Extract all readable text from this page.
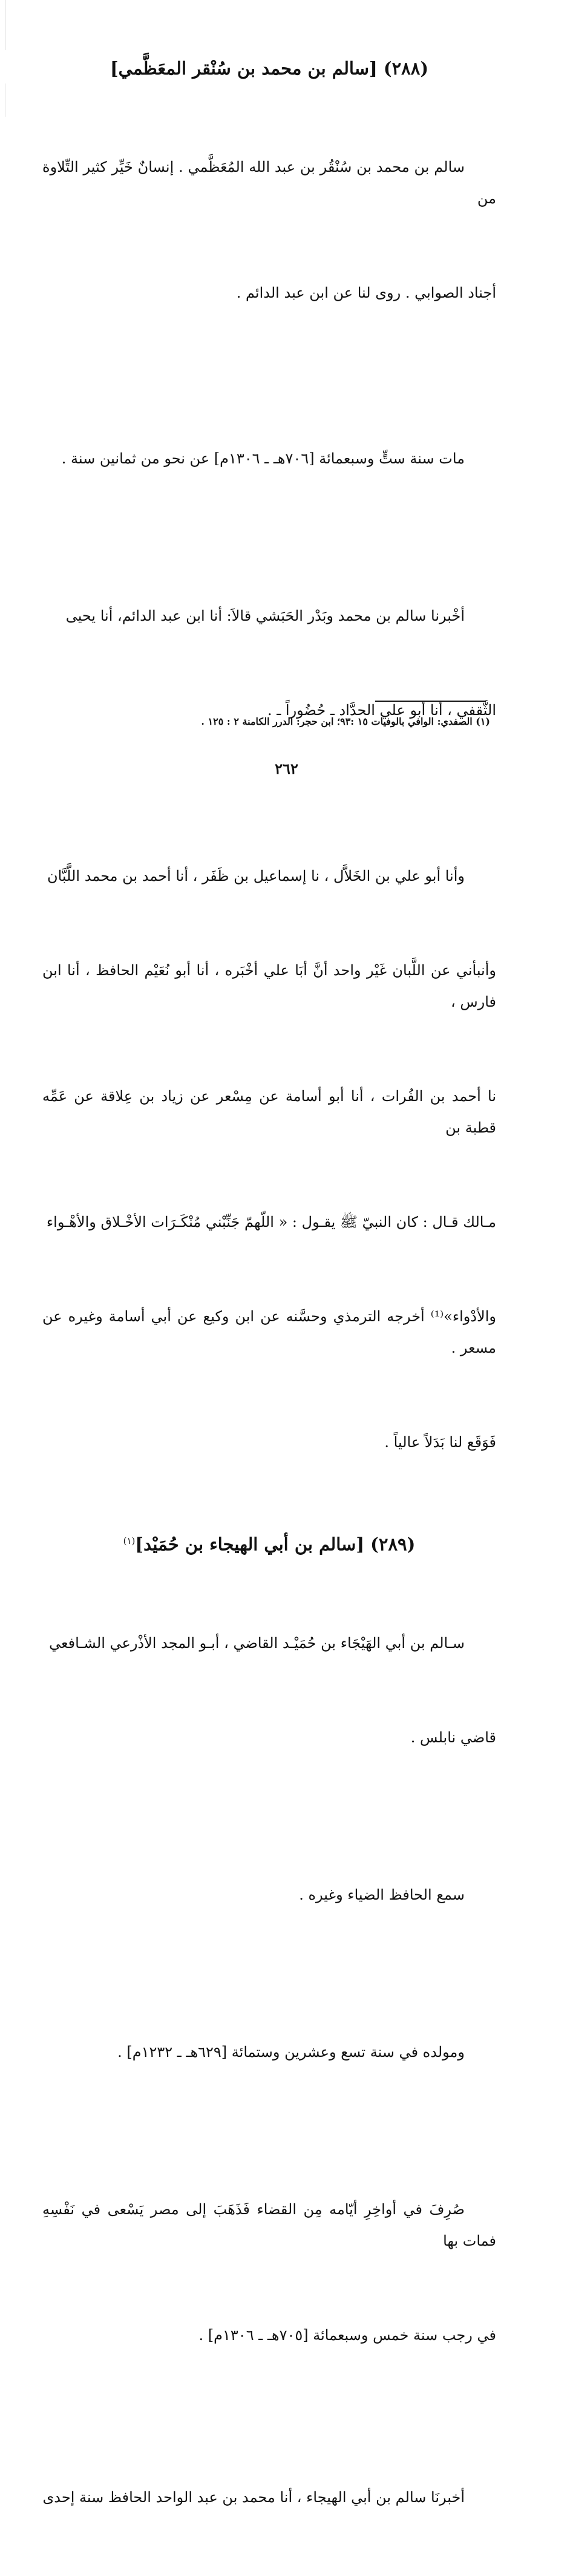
(٢٨٨) [سالم بن محمد بن سُنْقر المعَظَّمي]

سالم بن محمد بن سُنْقُر بن عبد الله المُعَظَّمي . إنسانٌ خَيِّر كثير التِّلاوة من

أجناد الصوابي . روى لنا عن ابن عبد الدائم .

مات سنة ستٍّ وسبعمائة [٧٠٦هـ ـ ١٣٠٦م] عن نحو من ثمانين سنة .

أخْبرنا سالم بن محمد وبَدْر الحَبَشي قالاَ: أنا ابن عبد الدائم، أنا يحيى

الثَّقفي ، أنا أبو علي الحدَّاد ـ حُضُوراً ـ .

وأنا أبو علي بن الخَلاَّل ، نا إسماعيل بن ظَفَر ، أنا أحمد بن محمد اللَّبَّان

وأنبأني عن اللَّبان غَيْر واحد أنَّ أبَا علي أخْبَره ، أنا أبو نُعَيْم الحافظ ، أنا ابن فارس ،

نا أحمد بن الفُرات ، أنا أبو أسامة عن مِسْعر عن زياد بن عِلاقة عن عَمِّه قطبة بن

مـالك قـال : كان النبيّ ﷺ يقـول : « اللّهمّ جَنِّبْني مُنْكَـرَات الأخْـلاق والأهْـواء

والأدْواء»⁽¹⁾ أخرجه الترمذي وحسَّنه عن ابن وكيع عن أبي أسامة وغيره عن مسعر .

فَوَقَع لنا بَدَلاً عالياً .

(٢٨٩) [سالم بن أبي الهيجاء بن حُمَيْد]$^{(١)}$

سـالم بن أبي الهَيْجَاء بن حُمَيْـد القاضي ، أبـو المجد الأذْرعي الشـافعي

قاضي نابلس .

سمع الحافظ الضياء وغيره .

ومولده في سنة تسع وعشرين وستمائة [٦٢٩هـ ـ ١٢٣٢م] .

صُرِفَ في أواخِرِ أيّامه مِن القضاء فَذَهَبَ إلى مصر يَسْعى في نَفْسِهِ فمات بها

في رجب سنة خمس وسبعمائة [٧٠٥هـ ـ ١٣٠٦م] .

أخبرنَا سالم بن أبي الهيجاء ، أنا محمد بن عبد الواحد الحافظ سنة إحدى

(١) الصفدي: الوافي بالوفيات ١٥ :٩٣؛ ابن حجر: الدرر الكامنة ٢ : ١٢٥ .
٢٦٢
